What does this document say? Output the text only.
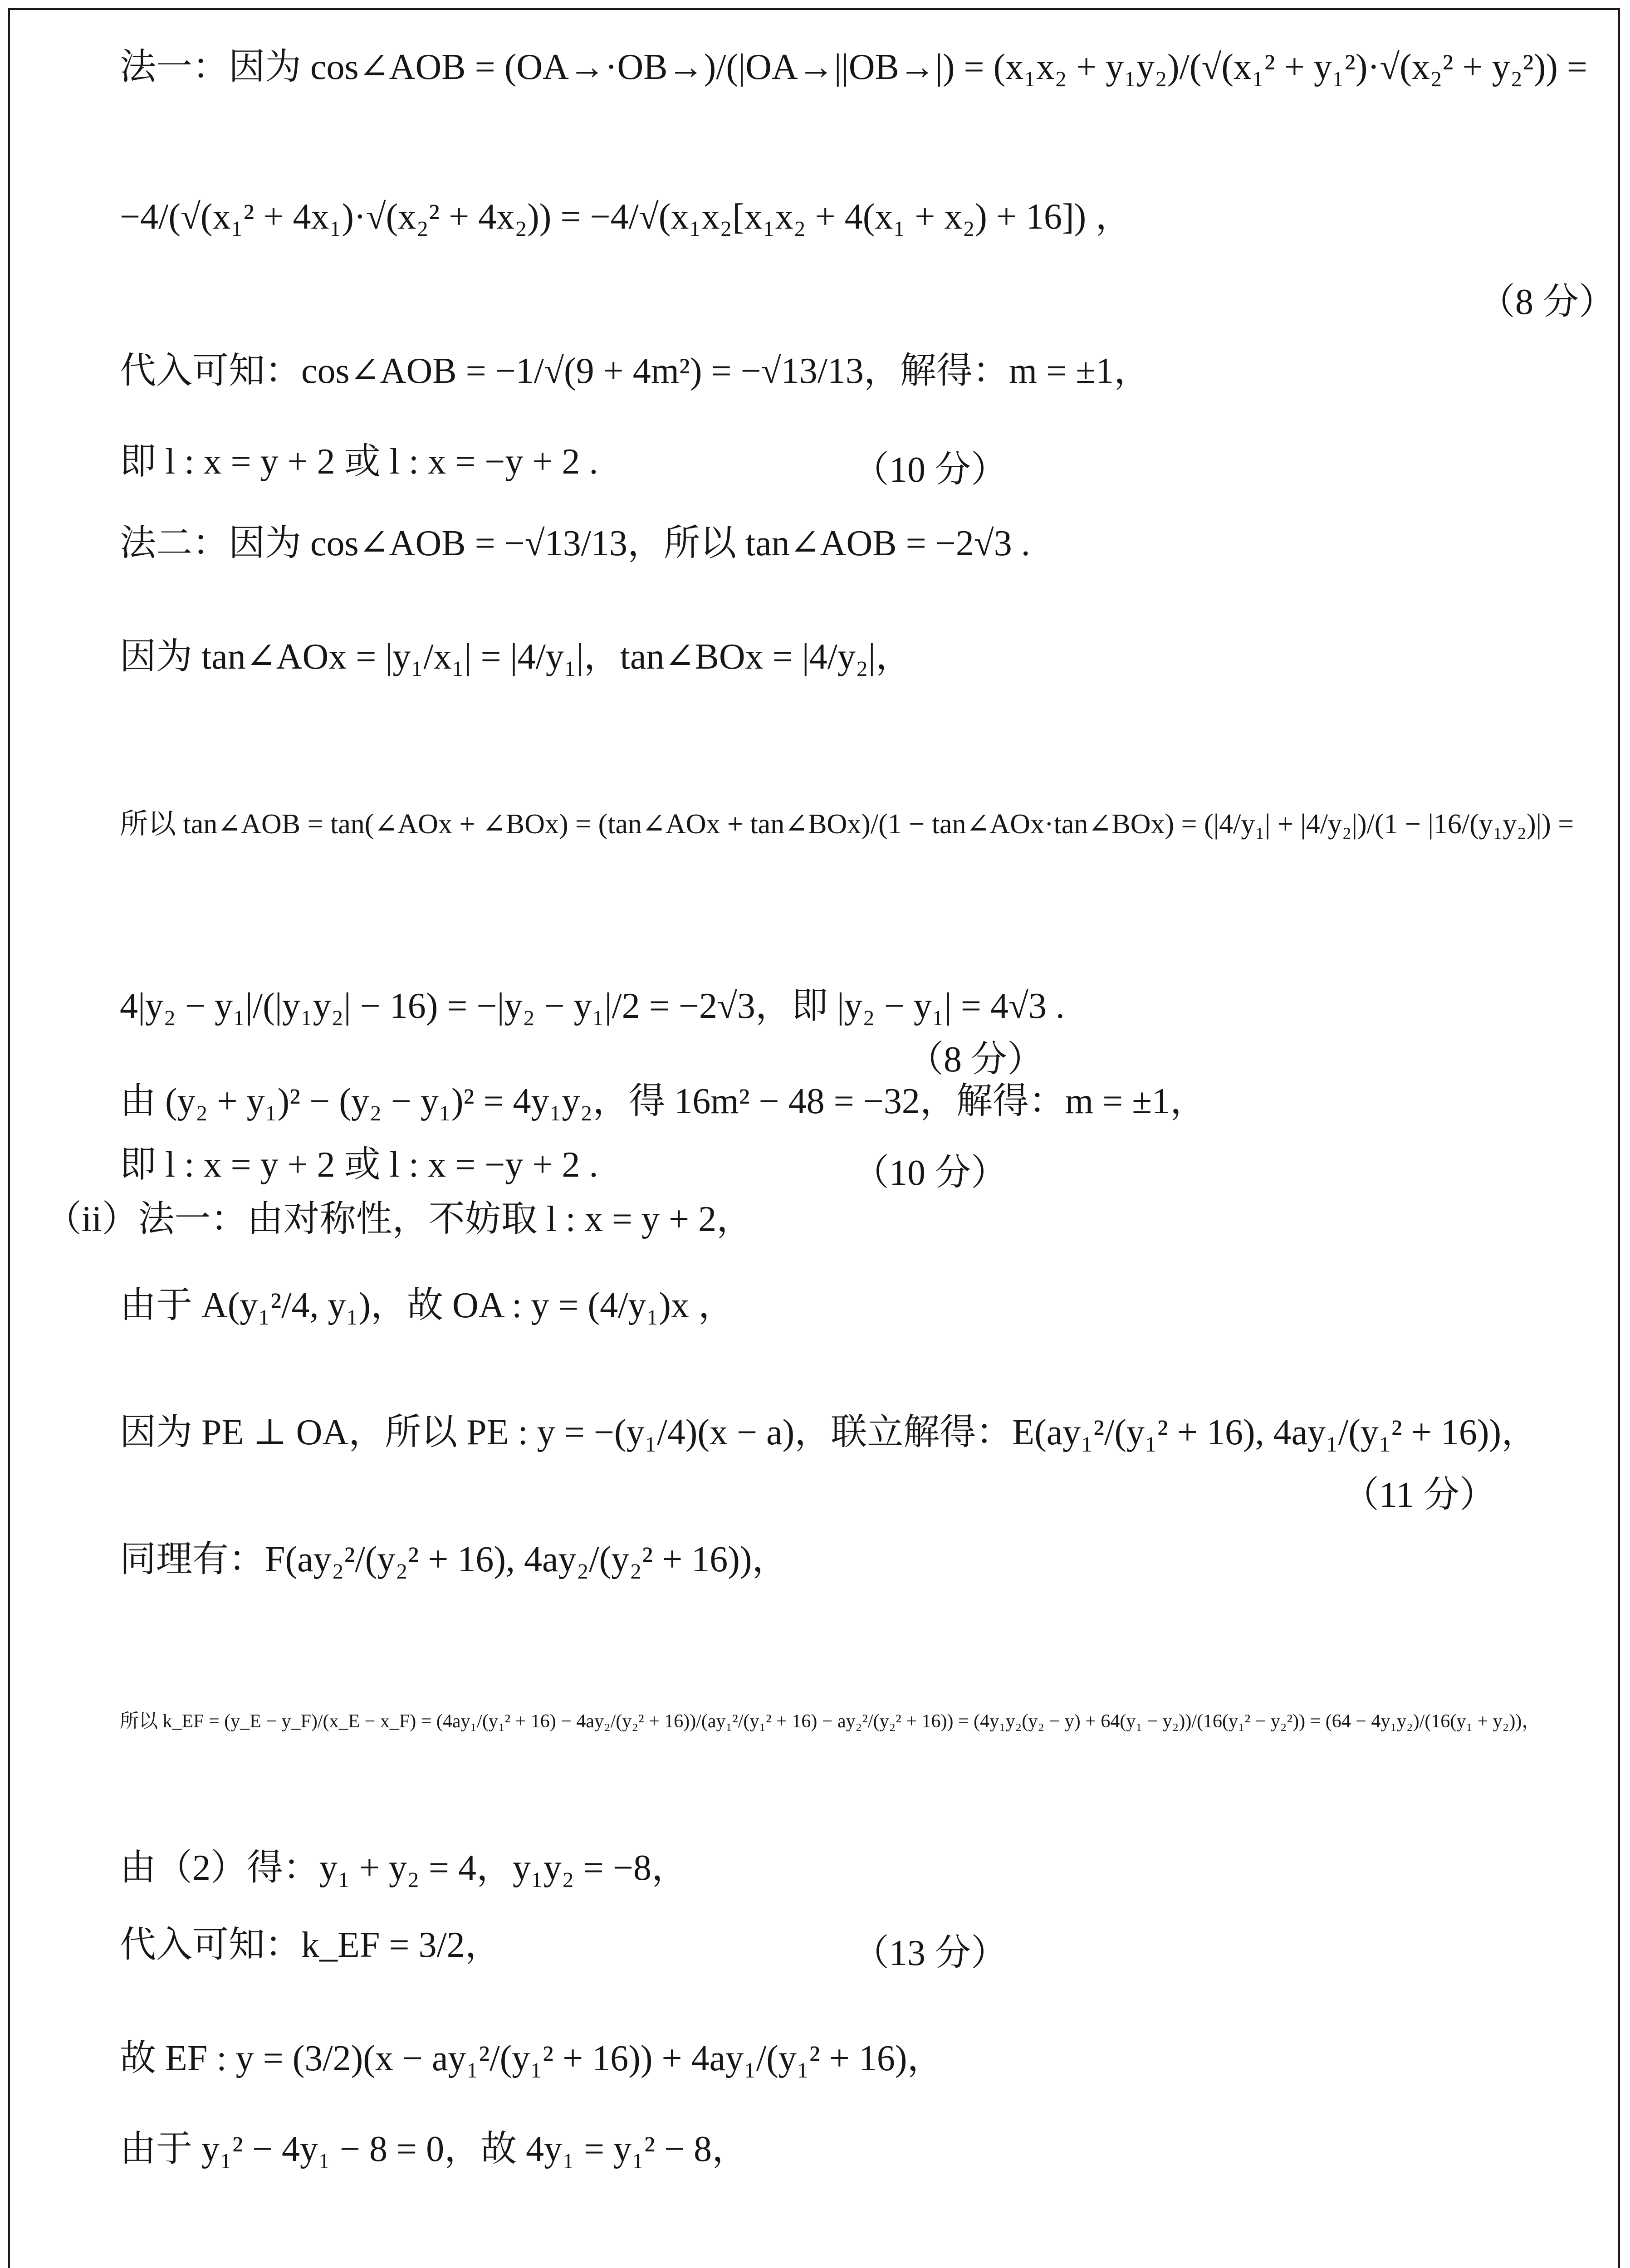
法一：因为 cos∠AOB = (OA→·OB→)/(|OA→||OB→|) = (x₁x₂ + y₁y₂)/(√(x₁² + y₁²)·√(x₂² + y₂²)) =
−4/(√(x₁² + 4x₁)·√(x₂² + 4x₂)) = −4/√(x₁x₂[x₁x₂ + 4(x₁ + x₂) + 16]) ，
代入可知：cos∠AOB = −1/√(9 + 4m²) = −√13/13，解得：m = ±1，
即 l : x = y + 2 或 l : x = −y + 2 .
法二：因为 cos∠AOB = −√13/13，所以 tan∠AOB = −2√3 .
因为 tan∠AOx = |y₁/x₁| = |4/y₁|，tan∠BOx = |4/y₂|，
所以 tan∠AOB = tan(∠AOx + ∠BOx) = (tan∠AOx + tan∠BOx)/(1 − tan∠AOx·tan∠BOx) = (|4/y₁| + |4/y₂|)/(1 − |16/(y₁y₂)|) =
4|y₂ − y₁|/(|y₁y₂| − 16) = −|y₂ − y₁|/2 = −2√3，即 |y₂ − y₁| = 4√3 .
由 (y₂ + y₁)² − (y₂ − y₁)² = 4y₁y₂，得 16m² − 48 = −32，解得：m = ±1，
即 l : x = y + 2 或 l : x = −y + 2 .
（ii）法一：由对称性，不妨取 l : x = y + 2，
由于 A(y₁²/4, y₁)，故 OA : y = (4/y₁)x ，
因为 PE ⊥ OA，所以 PE : y = −(y₁/4)(x − a)，联立解得：E(ay₁²/(y₁² + 16), 4ay₁/(y₁² + 16))，
同理有：F(ay₂²/(y₂² + 16), 4ay₂/(y₂² + 16))，
所以 k_EF = (y_E − y_F)/(x_E − x_F) = (4ay₁/(y₁² + 16) − 4ay₂/(y₂² + 16))/(ay₁²/(y₁² + 16) − ay₂²/(y₂² + 16)) = (4y₁y₂(y₂ − y) + 64(y₁ − y₂))/(16(y₁² − y₂²)) = (64 − 4y₁y₂)/(16(y₁ + y₂))，
由（2）得：y₁ + y₂ = 4，y₁y₂ = −8，
代入可知：k_EF = 3/2，
故 EF : y = (3/2)(x − ay₁²/(y₁² + 16)) + 4ay₁/(y₁² + 16)，
由于 y₁² − 4y₁ − 8 = 0，故 4y₁ = y₁² − 8，
（8 分）
（10 分）
（8 分）
（10 分）
（11 分）
（13 分）
